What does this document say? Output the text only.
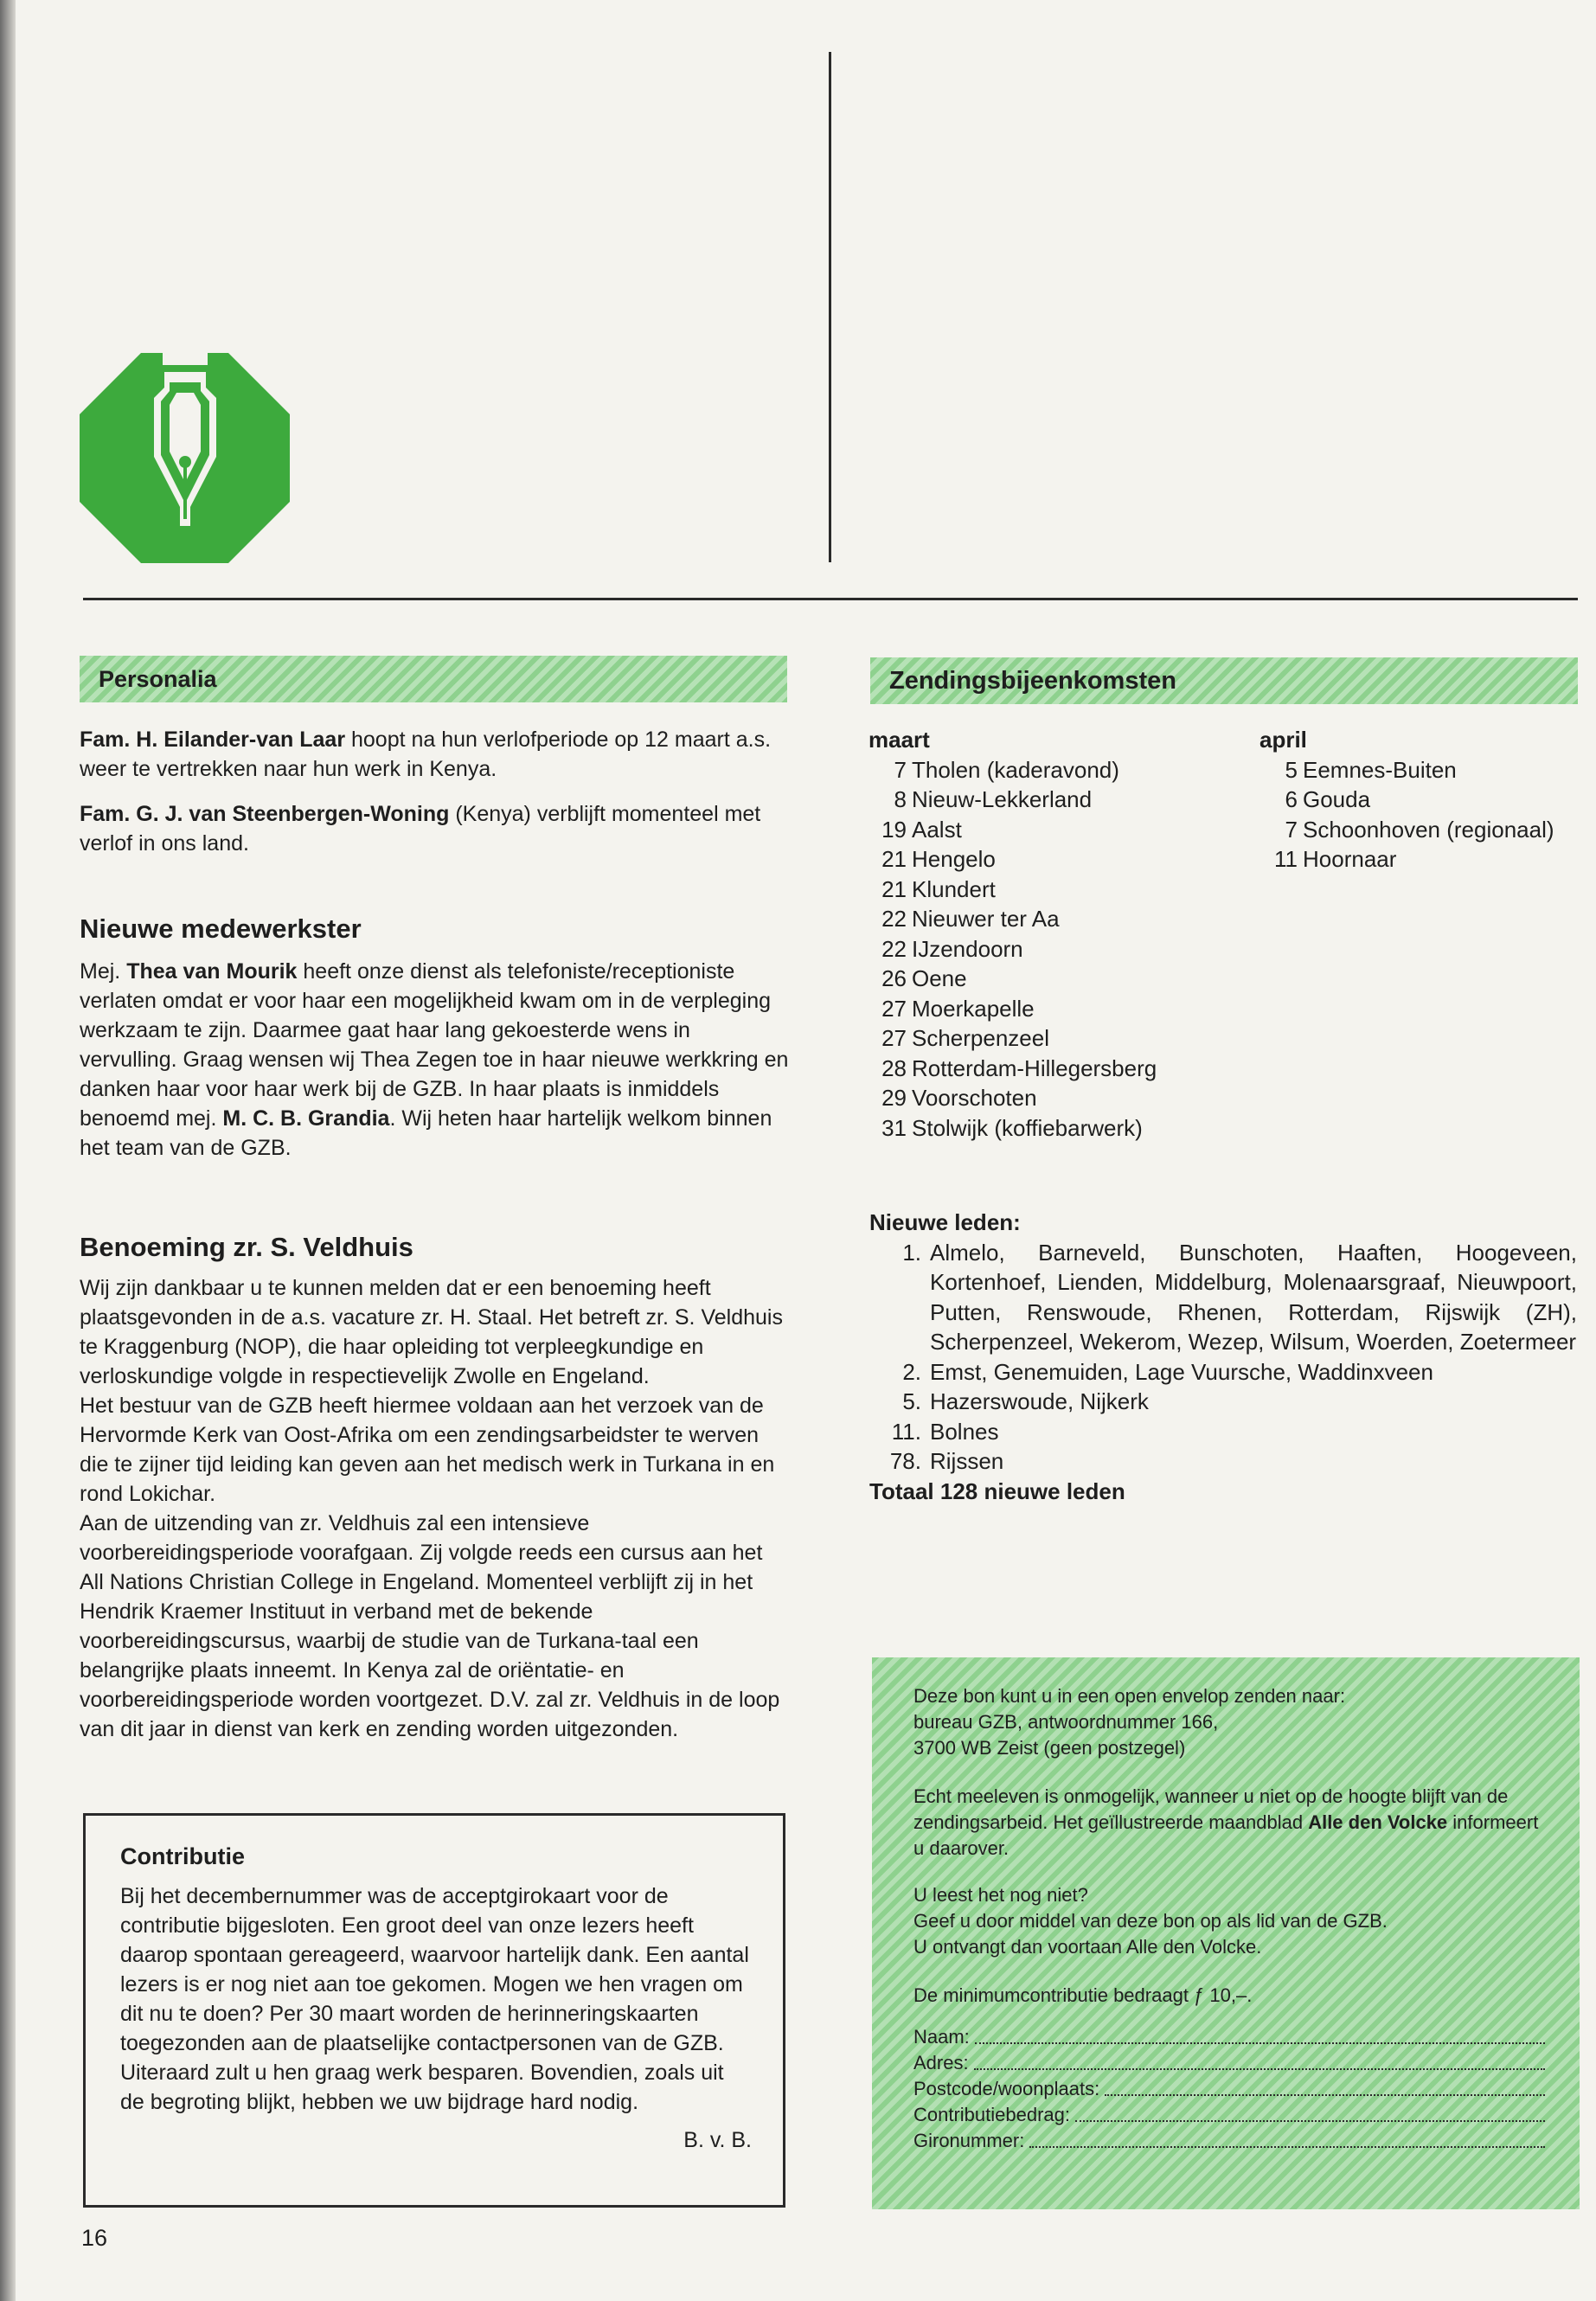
Personalia

Fam. H. Eilander-van Laar hoopt na hun verlofperiode op 12 maart a.s. weer te vertrekken naar hun werk in Kenya.

Fam. G. J. van Steenbergen-Woning (Kenya) verblijft momenteel met verlof in ons land.

Nieuwe medewerkster

Mej. Thea van Mourik heeft onze dienst als telefoniste/receptioniste verlaten omdat er voor haar een mogelijkheid kwam om in de verpleging werkzaam te zijn. Daarmee gaat haar lang gekoesterde wens in vervulling. Graag wensen wij Thea Zegen toe in haar nieuwe werkkring en danken haar voor haar werk bij de GZB. In haar plaats is inmiddels benoemd mej. M. C. B. Grandia. Wij heten haar hartelijk welkom binnen het team van de GZB.

Benoeming zr. S. Veldhuis

Wij zijn dankbaar u te kunnen melden dat er een benoeming heeft plaatsgevonden in de a.s. vacature zr. H. Staal. Het betreft zr. S. Veldhuis te Kraggenburg (NOP), die haar opleiding tot verpleegkundige en verloskundige volgde in respectievelijk Zwolle en Engeland.

Het bestuur van de GZB heeft hiermee voldaan aan het verzoek van de Hervormde Kerk van Oost-Afrika om een zendingsarbeidster te werven die te zijner tijd leiding kan geven aan het medisch werk in Turkana in en rond Lokichar.

Aan de uitzending van zr. Veldhuis zal een intensieve voorbereidingsperiode voorafgaan. Zij volgde reeds een cursus aan het All Nations Christian College in Engeland. Momenteel verblijft zij in het Hendrik Kraemer Instituut in verband met de bekende voorbereidingscursus, waarbij de studie van de Turkana-taal een belangrijke plaats inneemt. In Kenya zal de oriëntatie- en voorbereidingsperiode worden voortgezet. D.V. zal zr. Veldhuis in de loop van dit jaar in dienst van kerk en zending worden uitgezonden.

Contributie
Bij het decembernummer was de acceptgirokaart voor de contributie bijgesloten. Een groot deel van onze lezers heeft daarop spontaan gereageerd, waarvoor hartelijk dank. Een aantal lezers is er nog niet aan toe gekomen. Mogen we hen vragen om dit nu te doen? Per 30 maart worden de herinneringskaarten toegezonden aan de plaatselijke contactpersonen van de GZB. Uiteraard zult u hen graag werk besparen. Bovendien, zoals uit de begroting blijkt, hebben we uw bijdrage hard nodig.
B. v. B.
Zendingsbijeenkomsten
maart
7 Tholen (kaderavond)
8 Nieuw-Lekkerland
19 Aalst
21 Hengelo
21 Klundert
22 Nieuwer ter Aa
22 IJzendoorn
26 Oene
27 Moerkapelle
27 Scherpenzeel
28 Rotterdam-Hillegersberg
29 Voorschoten
31 Stolwijk (koffiebarwerk)
april
5 Eemnes-Buiten
6 Gouda
7 Schoonhoven (regionaal)
11 Hoornaar
Nieuwe leden:
1. Almelo, Barneveld, Bunschoten, Haaften, Hoogeveen, Kortenhoef, Lienden, Middelburg, Molenaarsgraaf, Nieuwpoort, Putten, Renswoude, Rhenen, Rotterdam, Rijswijk (ZH), Scherpenzeel, Wekerom, Wezep, Wilsum, Woerden, Zoetermeer
2. Emst, Genemuiden, Lage Vuursche, Waddinxveen
5. Hazerswoude, Nijkerk
11. Bolnes
78. Rijssen
Totaal 128 nieuwe leden

Deze bon kunt u in een open envelop zenden naar:

bureau GZB, antwoordnummer 166,

3700 WB Zeist (geen postzegel)

Echt meeleven is onmogelijk, wanneer u niet op de hoogte blijft van de zendingsarbeid. Het geïllustreerde maandblad Alle den Volcke informeert u daarover.

U leest het nog niet?

Geef u door middel van deze bon op als lid van de GZB.

U ontvangt dan voortaan Alle den Volcke.

De minimumcontributie bedraagt ƒ 10,–.

Naam:
Adres:
Postcode/woonplaats:
Contributiebedrag:
Gironummer:
16
